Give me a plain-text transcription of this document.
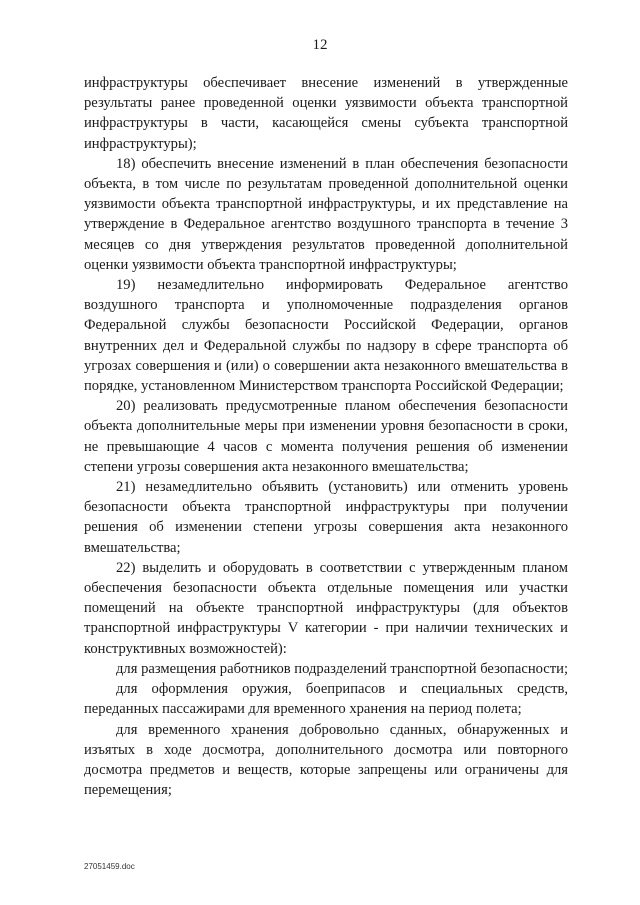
12

инфраструктуры обеспечивает внесение изменений в утвержденные результаты ранее проведенной оценки уязвимости объекта транспортной инфраструктуры в части, касающейся смены субъекта транспортной инфраструктуры);

18) обеспечить внесение изменений в план обеспечения безопасности объекта, в том числе по результатам проведенной дополнительной оценки уязвимости объекта транспортной инфраструктуры, и их представление на утверждение в Федеральное агентство воздушного транспорта в течение 3 месяцев со дня утверждения результатов проведенной дополнительной оценки уязвимости объекта транспортной инфраструктуры;

19) незамедлительно информировать Федеральное агентство воздушного транспорта и уполномоченные подразделения органов Федеральной службы безопасности Российской Федерации, органов внутренних дел и Федеральной службы по надзору в сфере транспорта об угрозах совершения и (или) о совершении акта незаконного вмешательства в порядке, установленном Министерством транспорта Российской Федерации;

20) реализовать предусмотренные планом обеспечения безопасности объекта дополнительные меры при изменении уровня безопасности в сроки, не превышающие 4 часов с момента получения решения об изменении степени угрозы совершения акта незаконного вмешательства;

21) незамедлительно объявить (установить) или отменить уровень безопасности объекта транспортной инфраструктуры при получении решения об изменении степени угрозы совершения акта незаконного вмешательства;

22) выделить и оборудовать в соответствии с утвержденным планом обеспечения безопасности объекта отдельные помещения или участки помещений на объекте транспортной инфраструктуры (для объектов транспортной инфраструктуры V категории - при наличии технических и конструктивных возможностей):

для размещения работников подразделений транспортной безопасности;

для оформления оружия, боеприпасов и специальных средств, переданных пассажирами для временного хранения на период полета;

для временного хранения добровольно сданных, обнаруженных и изъятых в ходе досмотра, дополнительного досмотра или повторного досмотра предметов и веществ, которые запрещены или ограничены для перемещения;

27051459.doc
